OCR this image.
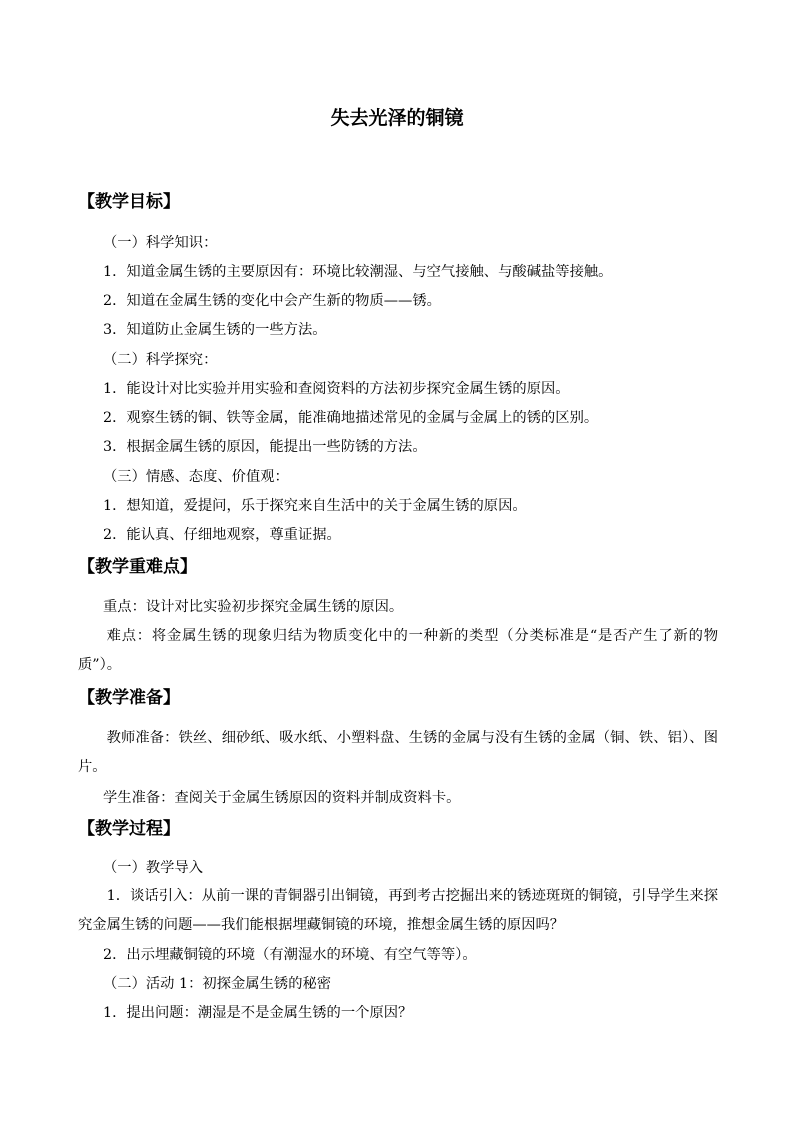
失去光泽的铜镜
【教学目标】
（一）科学知识：
1．知道金属生锈的主要原因有：环境比较潮湿、与空气接触、与酸碱盐等接触。
2．知道在金属生锈的变化中会产生新的物质——锈。
3．知道防止金属生锈的一些方法。
（二）科学探究：
1．能设计对比实验并用实验和查阅资料的方法初步探究金属生锈的原因。
2．观察生锈的铜、铁等金属，能准确地描述常见的金属与金属上的锈的区别。
3．根据金属生锈的原因，能提出一些防锈的方法。
（三）情感、态度、价值观：
1．想知道，爱提问，乐于探究来自生活中的关于金属生锈的原因。
2．能认真、仔细地观察，尊重证据。
【教学重难点】
重点：设计对比实验初步探究金属生锈的原因。
难点：将金属生锈的现象归结为物质变化中的一种新的类型（分类标准是“是否产生了新的物质”）。
【教学准备】
教师准备：铁丝、细砂纸、吸水纸、小塑料盘、生锈的金属与没有生锈的金属（铜、铁、铝）、图片。
学生准备：查阅关于金属生锈原因的资料并制成资料卡。
【教学过程】
（一）教学导入
1．谈话引入：从前一课的青铜器引出铜镜，再到考古挖掘出来的锈迹斑斑的铜镜，引导学生来探究金属生锈的问题——我们能根据埋藏铜镜的环境，推想金属生锈的原因吗？
2．出示埋藏铜镜的环境（有潮湿水的环境、有空气等等）。
（二）活动 1：初探金属生锈的秘密
1．提出问题：潮湿是不是金属生锈的一个原因？
